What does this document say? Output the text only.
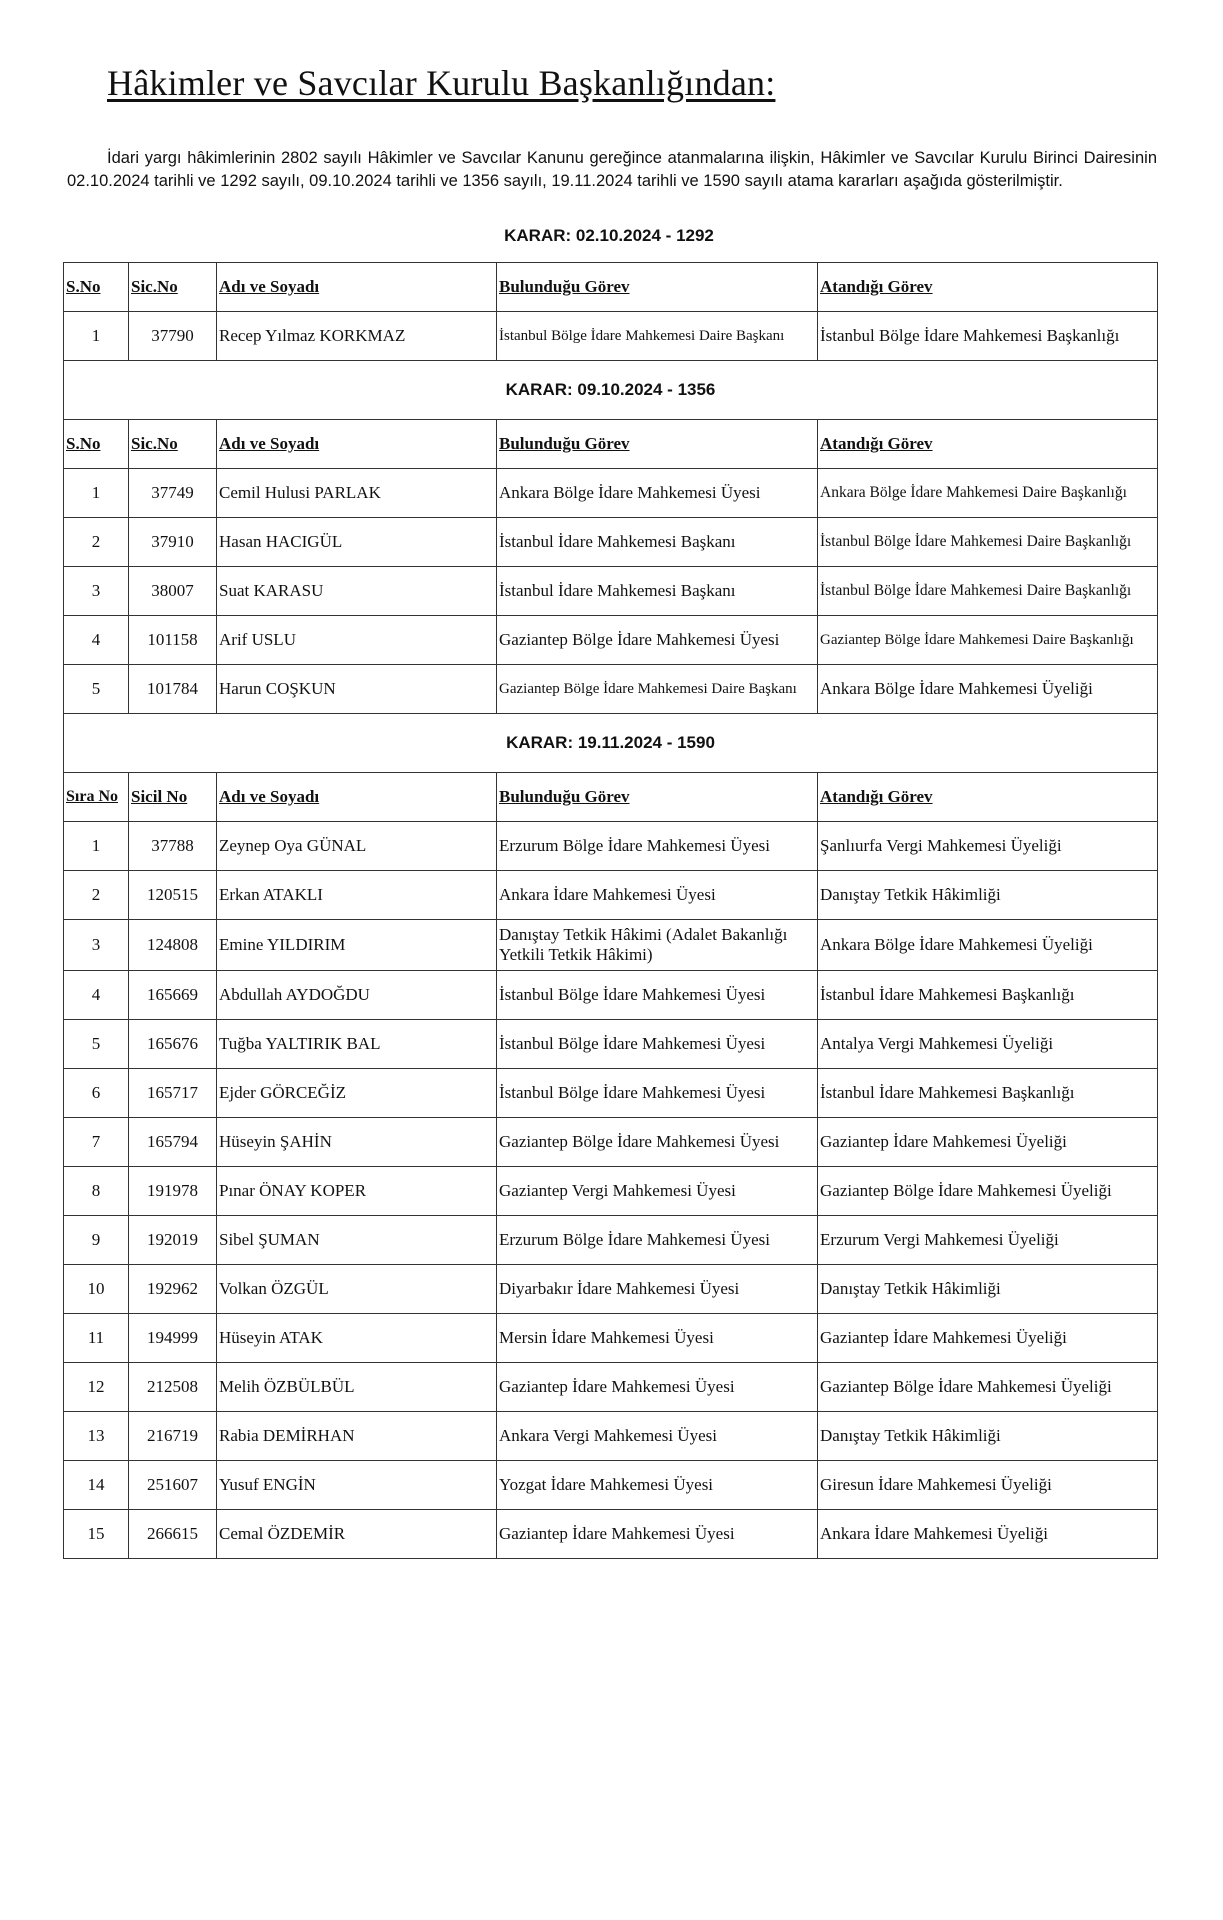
Hâkimler ve Savcılar Kurulu Başkanlığından:
İdari yargı hâkimlerinin 2802 sayılı Hâkimler ve Savcılar Kanunu gereğince atanmalarına ilişkin, Hâkimler ve Savcılar Kurulu Birinci Dairesinin 02.10.2024 tarihli ve 1292 sayılı, 09.10.2024 tarihli ve 1356 sayılı, 19.11.2024 tarihli ve 1590 sayılı atama kararları aşağıda gösterilmiştir.
KARAR: 02.10.2024 - 1292
S.No	Sic.No	Adı ve Soyadı	Bulunduğu Görev	Atandığı Görev
1	37790	Recep Yılmaz KORKMAZ	İstanbul Bölge İdare Mahkemesi Daire Başkanı	İstanbul Bölge İdare Mahkemesi Başkanlığı
KARAR: 09.10.2024 - 1356				
S.No	Sic.No	Adı ve Soyadı	Bulunduğu Görev	Atandığı Görev
1	37749	Cemil Hulusi PARLAK	Ankara Bölge İdare Mahkemesi Üyesi	Ankara Bölge İdare Mahkemesi Daire Başkanlığı
2	37910	Hasan HACIGÜL	İstanbul İdare Mahkemesi Başkanı	İstanbul Bölge İdare Mahkemesi Daire Başkanlığı
3	38007	Suat KARASU	İstanbul İdare Mahkemesi Başkanı	İstanbul Bölge İdare Mahkemesi Daire Başkanlığı
4	101158	Arif USLU	Gaziantep Bölge İdare Mahkemesi Üyesi	Gaziantep Bölge İdare Mahkemesi Daire Başkanlığı
5	101784	Harun COŞKUN	Gaziantep Bölge İdare Mahkemesi Daire Başkanı	Ankara Bölge İdare Mahkemesi Üyeliği
KARAR: 19.11.2024 - 1590				
Sıra No	Sicil No	Adı ve Soyadı	Bulunduğu Görev	Atandığı Görev
1	37788	Zeynep Oya GÜNAL	Erzurum Bölge İdare Mahkemesi Üyesi	Şanlıurfa Vergi Mahkemesi Üyeliği
2	120515	Erkan ATAKLI	Ankara İdare Mahkemesi Üyesi	Danıştay Tetkik Hâkimliği
3	124808	Emine YILDIRIM	Danıştay Tetkik Hâkimi (Adalet Bakanlığı Yetkili Tetkik Hâkimi)	Ankara Bölge İdare Mahkemesi Üyeliği
4	165669	Abdullah AYDOĞDU	İstanbul Bölge İdare Mahkemesi Üyesi	İstanbul İdare Mahkemesi Başkanlığı
5	165676	Tuğba YALTIRIK BAL	İstanbul Bölge İdare Mahkemesi Üyesi	Antalya Vergi Mahkemesi Üyeliği
6	165717	Ejder GÖRCEĞİZ	İstanbul Bölge İdare Mahkemesi Üyesi	İstanbul İdare Mahkemesi Başkanlığı
7	165794	Hüseyin ŞAHİN	Gaziantep Bölge İdare Mahkemesi Üyesi	Gaziantep İdare Mahkemesi Üyeliği
8	191978	Pınar ÖNAY KOPER	Gaziantep Vergi Mahkemesi Üyesi	Gaziantep Bölge İdare Mahkemesi Üyeliği
9	192019	Sibel ŞUMAN	Erzurum Bölge İdare Mahkemesi Üyesi	Erzurum Vergi Mahkemesi Üyeliği
10	192962	Volkan ÖZGÜL	Diyarbakır İdare Mahkemesi Üyesi	Danıştay Tetkik Hâkimliği
11	194999	Hüseyin ATAK	Mersin İdare Mahkemesi Üyesi	Gaziantep İdare Mahkemesi Üyeliği
12	212508	Melih ÖZBÜLBÜL	Gaziantep İdare Mahkemesi Üyesi	Gaziantep Bölge İdare Mahkemesi Üyeliği
13	216719	Rabia DEMİRHAN	Ankara Vergi Mahkemesi Üyesi	Danıştay Tetkik Hâkimliği
14	251607	Yusuf ENGİN	Yozgat İdare Mahkemesi Üyesi	Giresun İdare Mahkemesi Üyeliği
15	266615	Cemal ÖZDEMİR	Gaziantep İdare Mahkemesi Üyesi	Ankara İdare Mahkemesi Üyeliği
